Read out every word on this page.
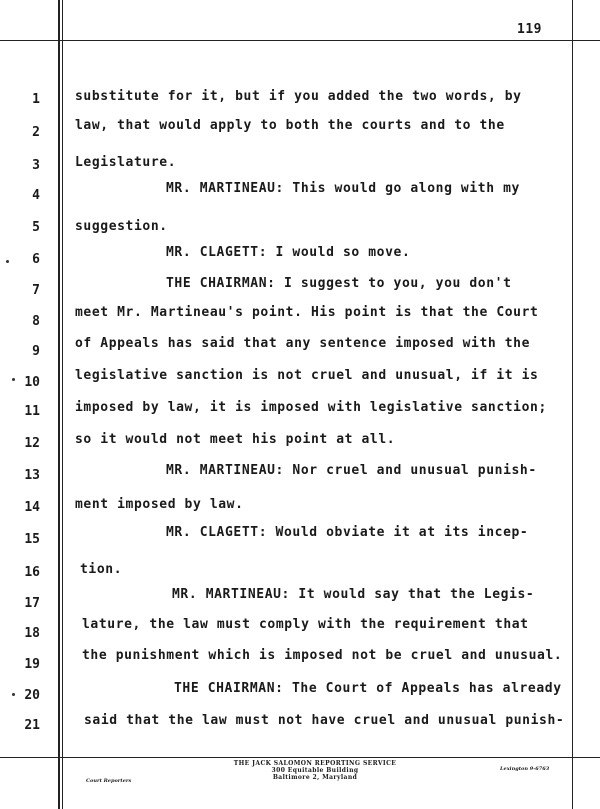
119
1
2
3
4
5
6
7
8
9
10
11
12
13
14
15
16
17
18
19
20
21
substitute for it, but if you added the two words, by
law, that would apply to both the courts and to the
Legislature.
MR. MARTINEAU: This would go along with my
suggestion.
MR. CLAGETT: I would so move.
THE CHAIRMAN: I suggest to you, you don't
meet Mr. Martineau's point. His point is that the Court
of Appeals has said that any sentence imposed with the
legislative sanction is not cruel and unusual, if it is
imposed by law, it is imposed with legislative sanction;
so it would not meet his point at all.
MR. MARTINEAU: Nor cruel and unusual punish-
ment imposed by law.
MR. CLAGETT: Would obviate it at its incep-
tion.
MR. MARTINEAU: It would say that the Legis-
lature, the law must comply with the requirement that
the punishment which is imposed not be cruel and unusual.
THE CHAIRMAN: The Court of Appeals has already
said that the law must not have cruel and unusual punish-
THE JACK SALOMON REPORTING SERVICE
300 Equitable Building
Baltimore 2, Maryland
Court Reporters
Lexington 9-6763
